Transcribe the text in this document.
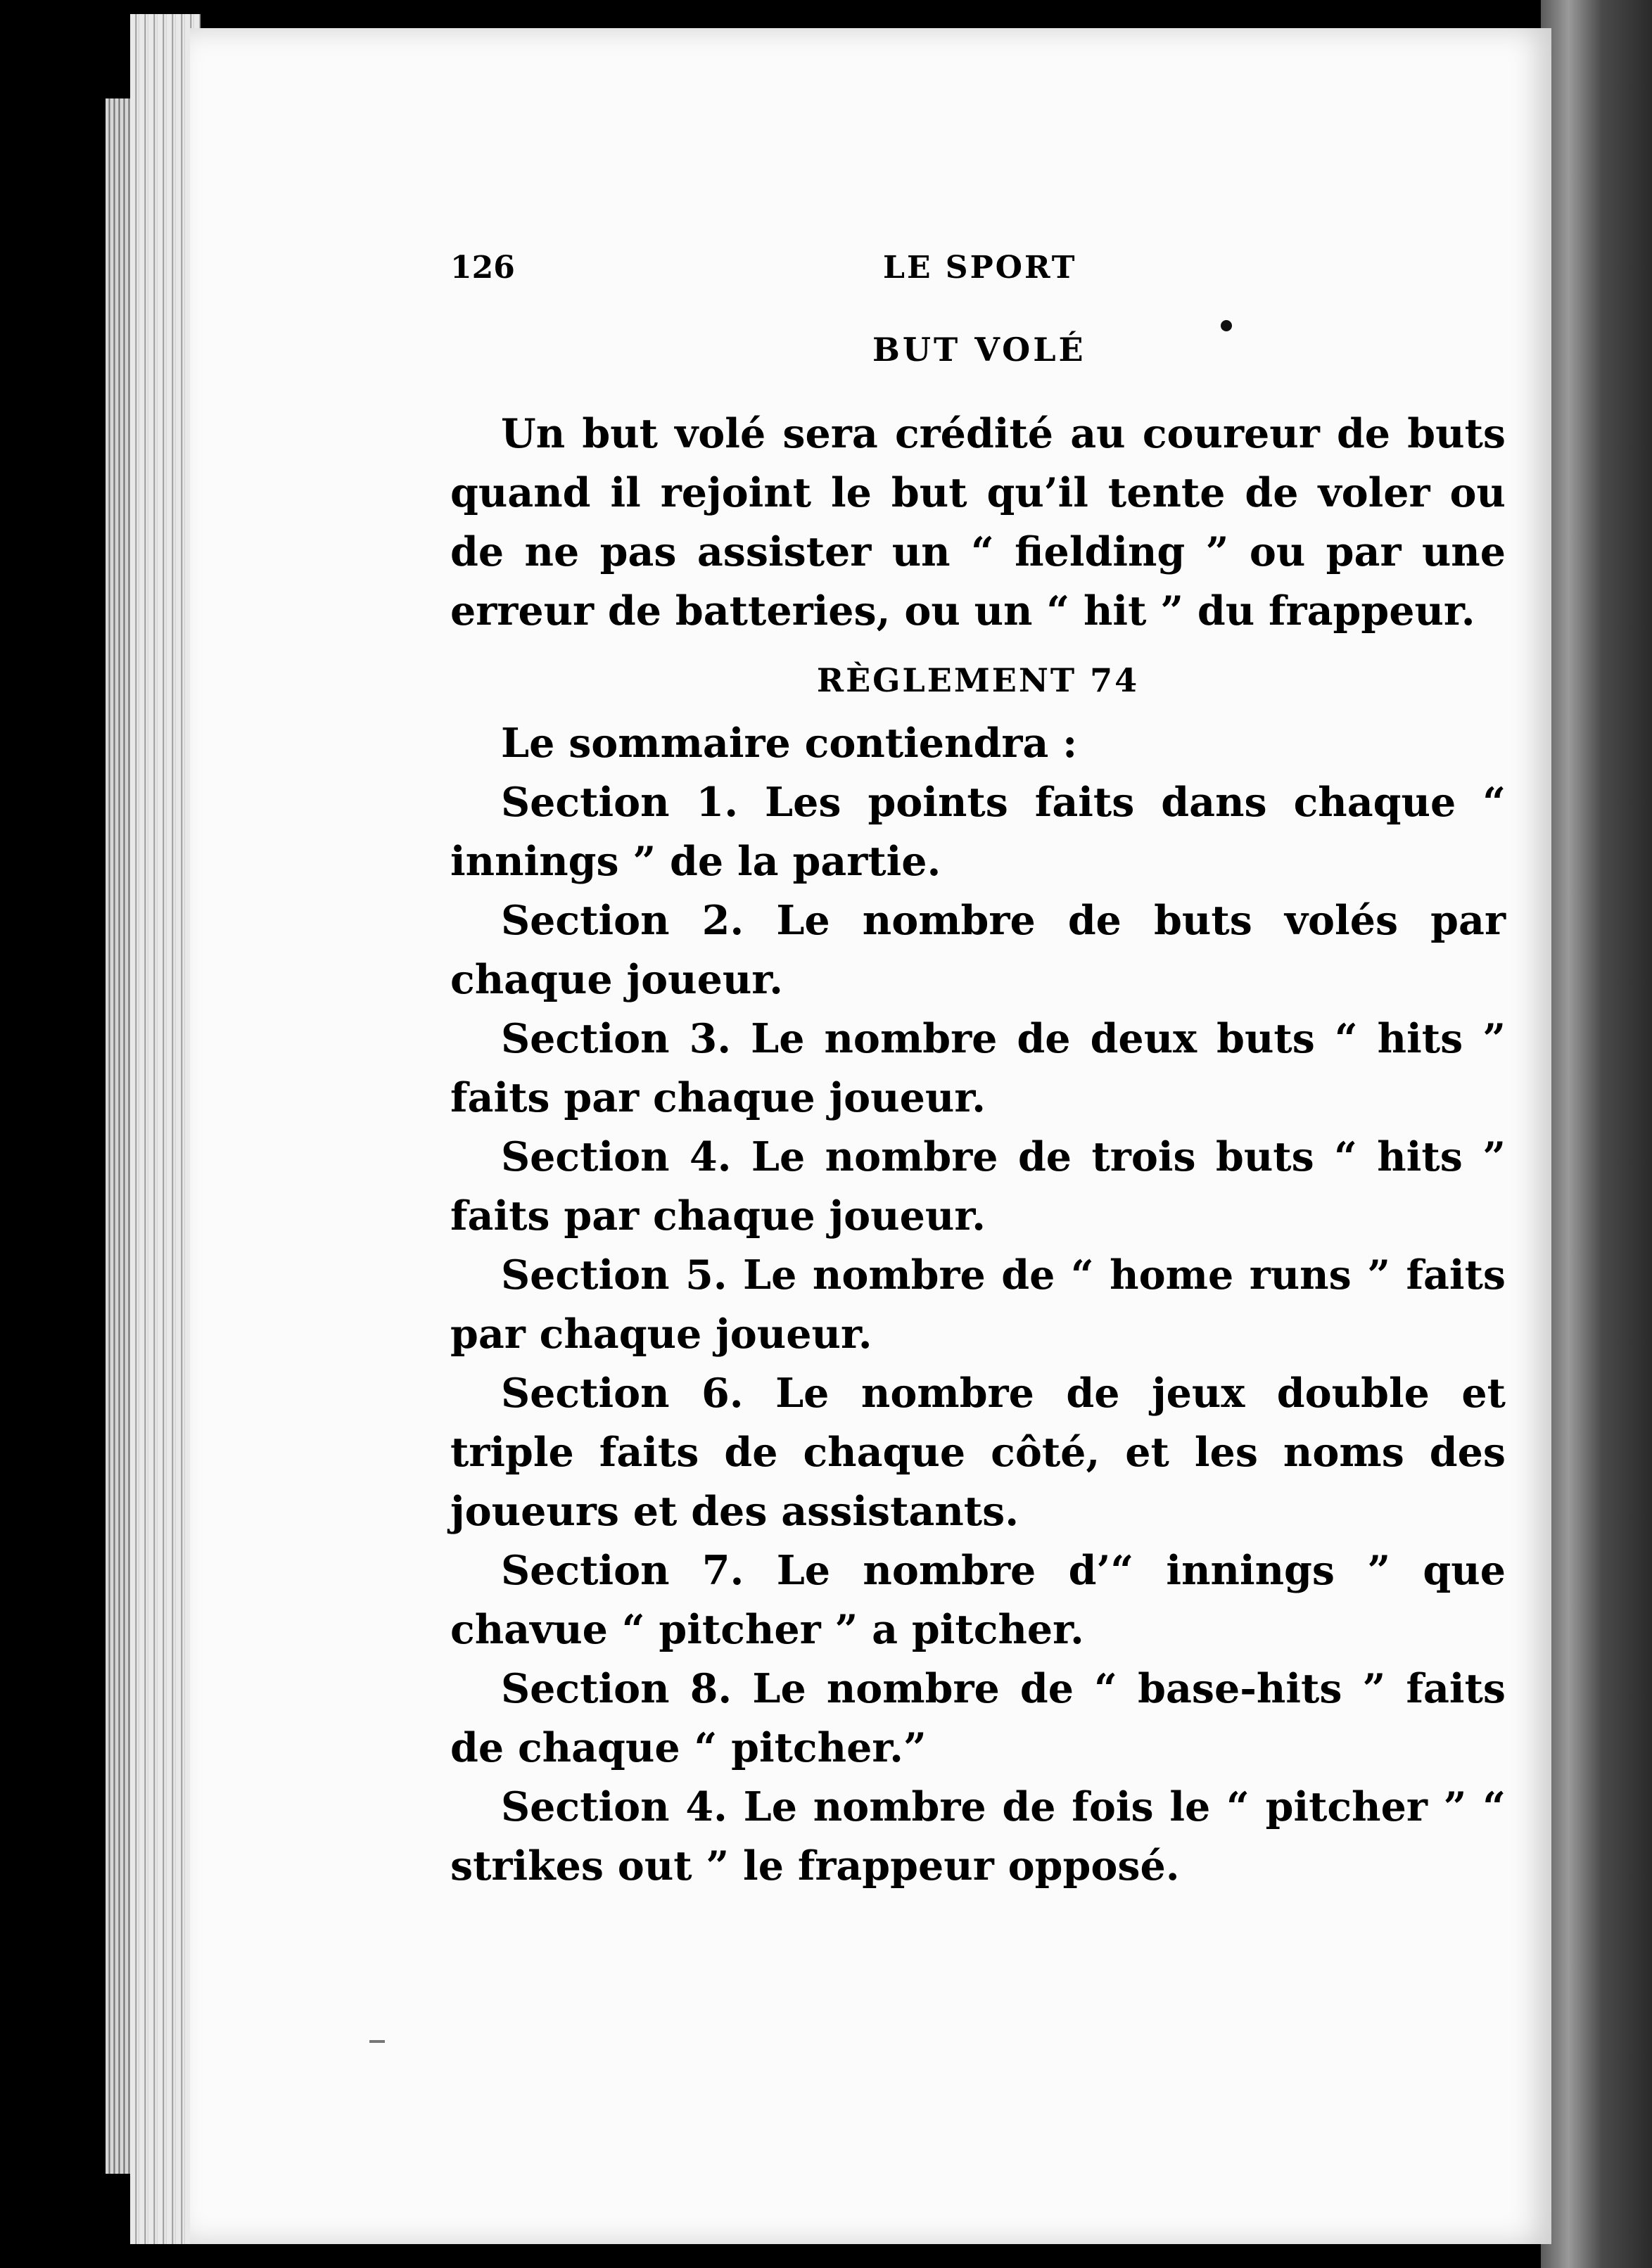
126	LE SPORT
BUT VOLÉ

Un but volé sera crédité au coureur de buts quand il rejoint le but qu’il tente de voler ou de ne pas assister un “ fielding ” ou par une erreur de batteries, ou un “ hit ” du frappeur.

RÈGLEMENT 74

Le sommaire contiendra :

Section 1. Les points faits dans chaque “ innings ” de la partie.

Section 2. Le nombre de buts volés par chaque joueur.

Section 3. Le nombre de deux buts “ hits ” faits par chaque joueur.

Section 4. Le nombre de trois buts “ hits ” faits par chaque joueur.

Section 5. Le nombre de “ home runs ” faits par chaque joueur.

Section 6. Le nombre de jeux double et triple faits de chaque côté, et les noms des joueurs et des assistants.

Section 7. Le nombre d’“ innings ” que chavue “ pitcher ” a pitcher.

Section 8. Le nombre de “ base-hits ” faits de chaque “ pitcher.”

Section 4. Le nombre de fois le “ pitcher ” “ strikes out ” le frappeur opposé.
